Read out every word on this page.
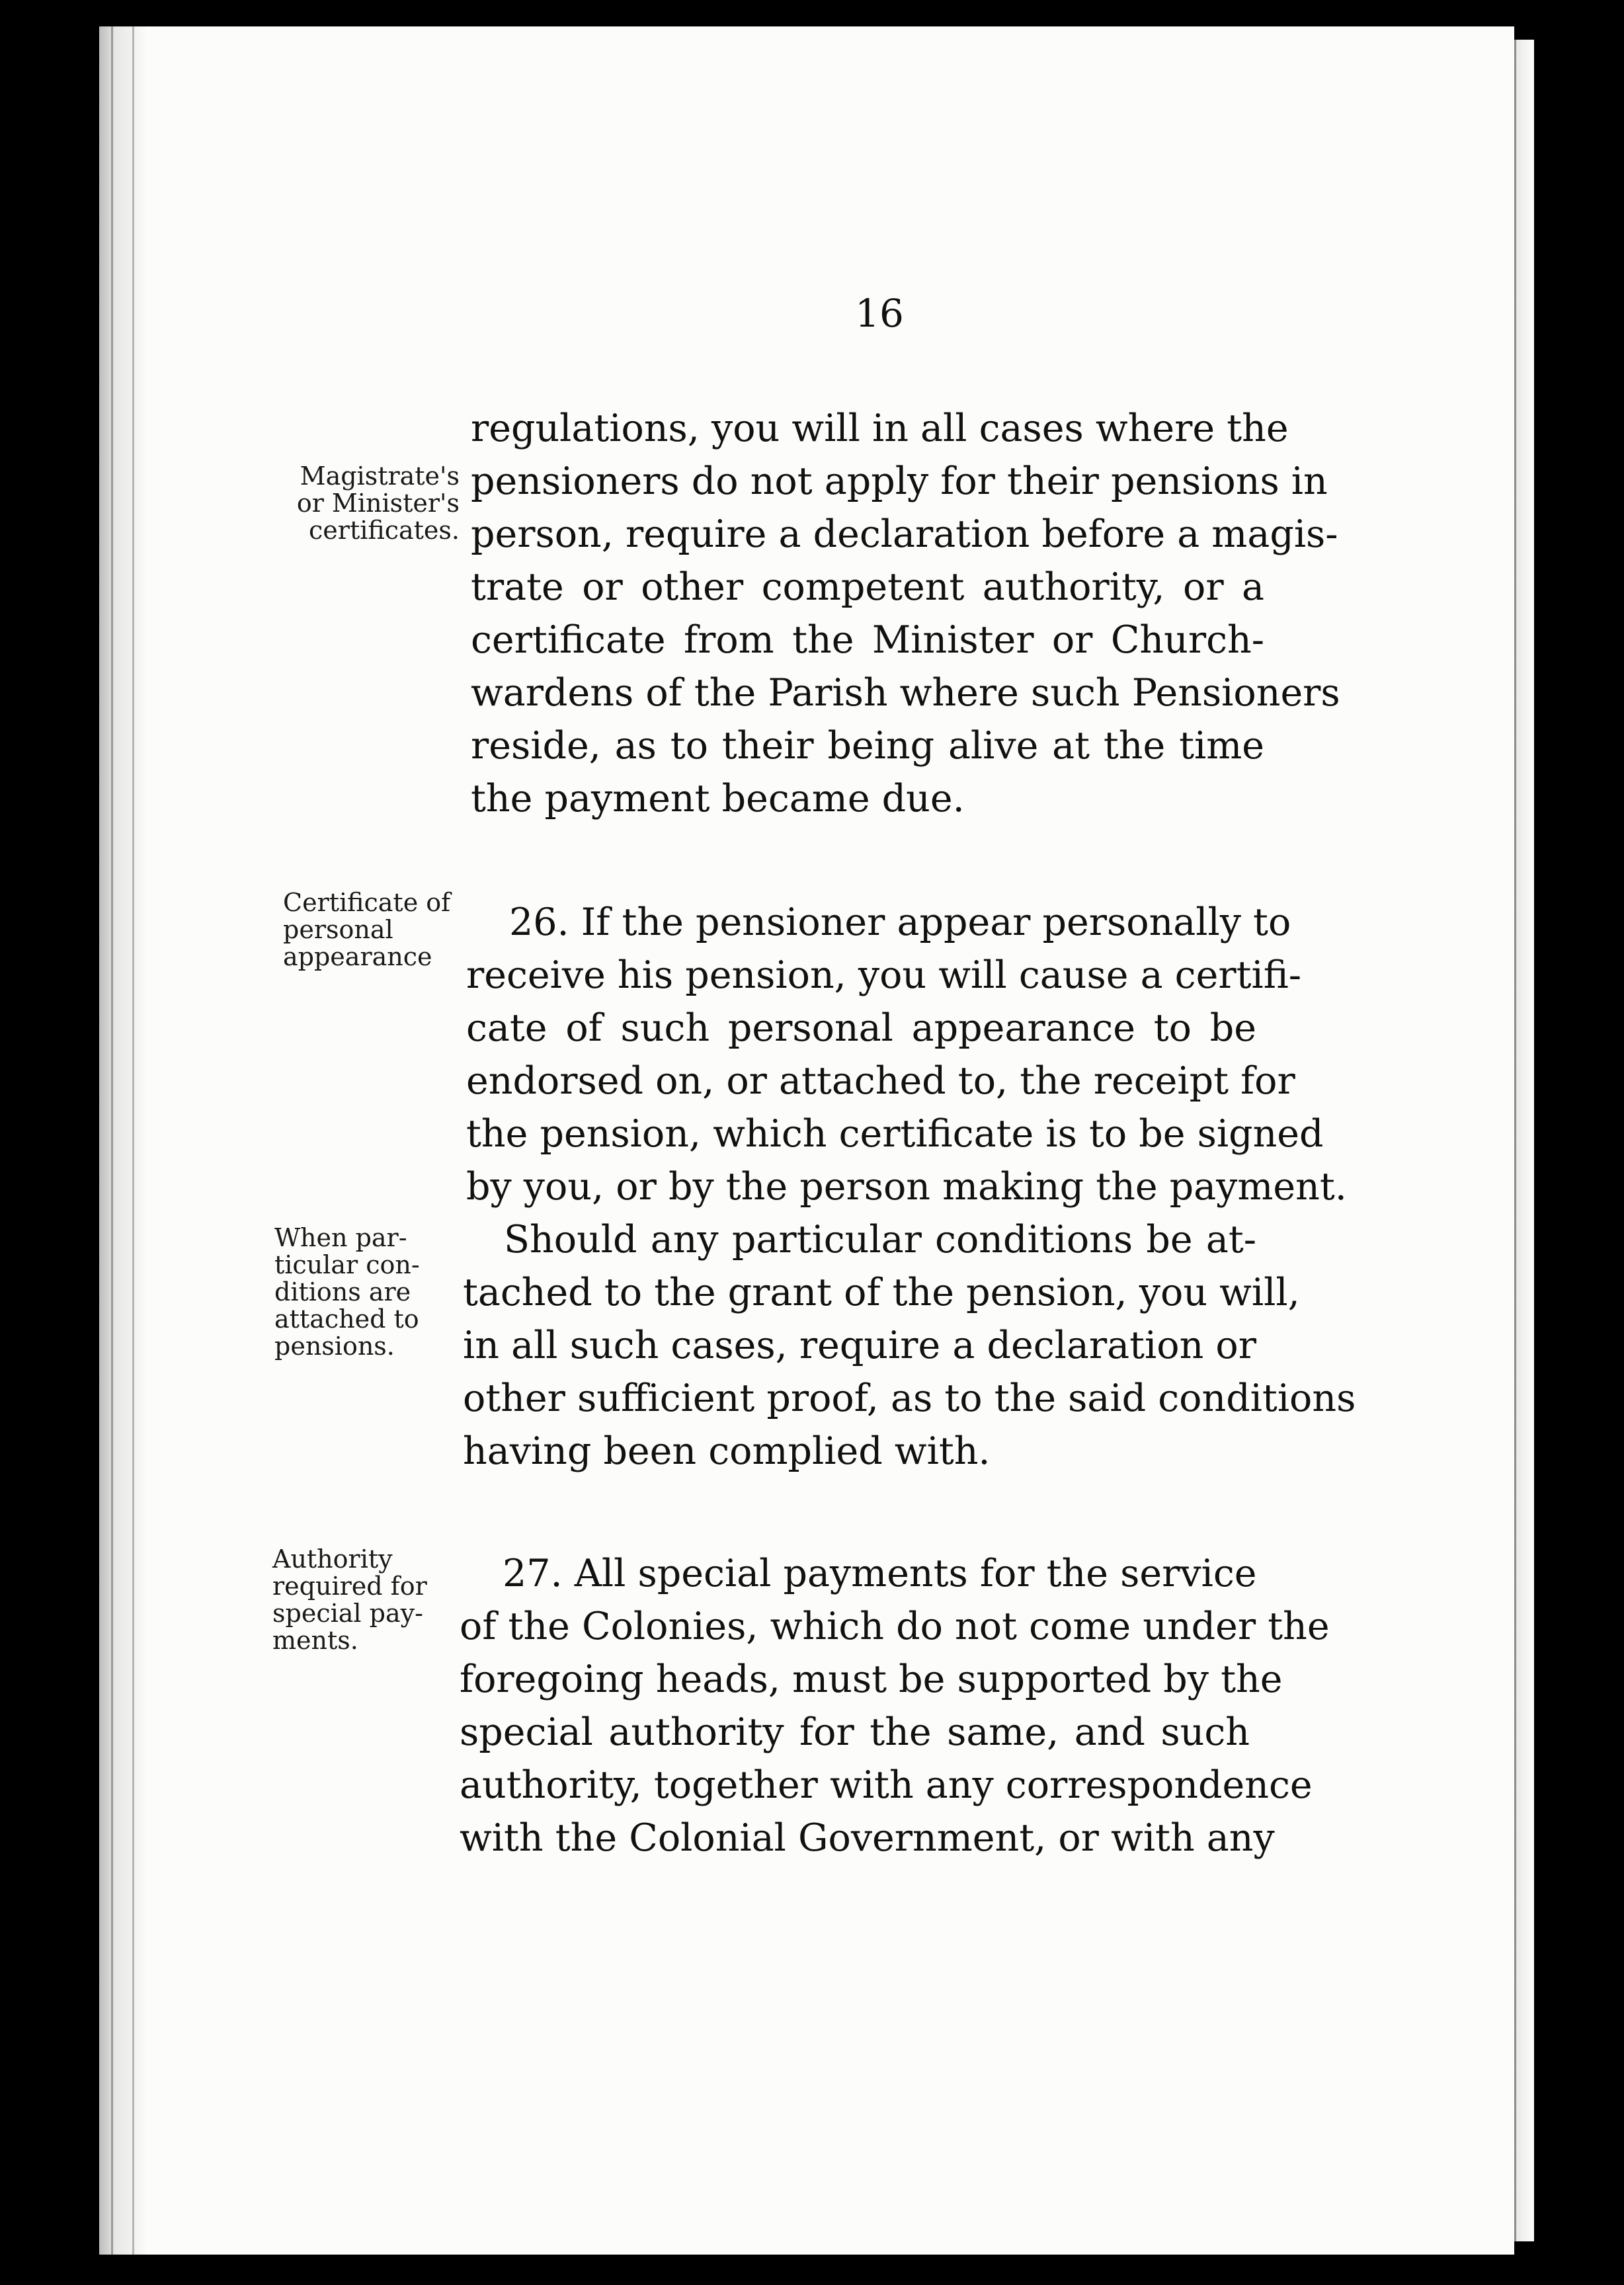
16

regulations, you will in all cases where the

pensioners do not apply for their pensions in

person, require a declaration before a magis-

trate or other competent authority, or a

certificate from the Minister or Church-

wardens of the Parish where such Pensioners

reside, as to their being alive at the time

the payment became due.

26. If the pensioner appear personally to

receive his pension, you will cause a certifi-

cate of such personal appearance to be

endorsed on, or attached to, the receipt for

the pension, which certificate is to be signed

by you, or by the person making the payment.

Should any particular conditions be at-

tached to the grant of the pension, you will,

in all such cases, require a declaration or

other sufficient proof, as to the said conditions

having been complied with.

27. All special payments for the service

of the Colonies, which do not come under the

foregoing heads, must be supported by the

special authority for the same, and such

authority, together with any correspondence

with the Colonial Government, or with any

Magistrate's
or Minister's
certificates.
Certificate of
personal
appearance
When par-
ticular con-
ditions are
attached to
pensions.
Authority
required for
special pay-
ments.
